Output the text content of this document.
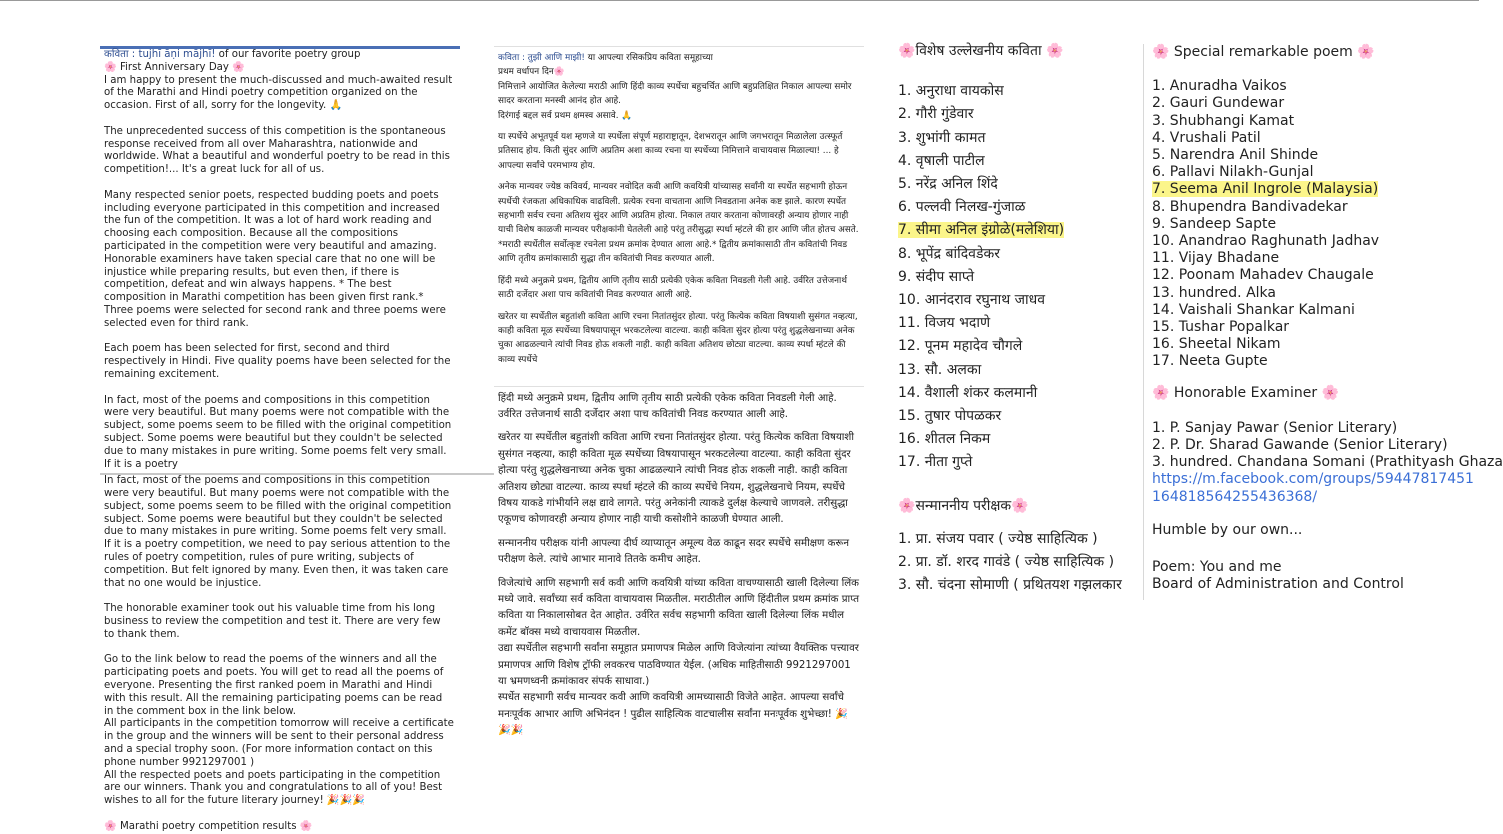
कविता : tujhī āṇi mājhī! of our favorite poetry group
🌸 First Anniversary Day 🌸

I am happy to present the much-discussed and much-awaited result of the Marathi and Hindi poetry competition organized on the occasion. First of all, sorry for the longevity. 🙏

The unprecedented success of this competition is the spontaneous response received from all over Maharashtra, nationwide and worldwide. What a beautiful and wonderful poetry to be read in this competition!... It's a great luck for all of us.

Many respected senior poets, respected budding poets and poets including everyone participated in this competition and increased the fun of the competition. It was a lot of hard work reading and choosing each composition. Because all the compositions participated in the competition were very beautiful and amazing. Honorable examiners have taken special care that no one will be injustice while preparing results, but even then, if there is competition, defeat and win always happens. * The best composition in Marathi competition has been given first rank.* Three poems were selected for second rank and three poems were selected even for third rank.

Each poem has been selected for first, second and third respectively in Hindi. Five quality poems have been selected for the remaining excitement.

In fact, most of the poems and compositions in this competition were very beautiful. But many poems were not compatible with the subject, some poems seem to be filled with the original competition subject. Some poems were beautiful but they couldn't be selected due to many mistakes in pure writing. Some poems felt very small. If it is a poetry

In fact, most of the poems and compositions in this competition were very beautiful. But many poems were not compatible with the subject, some poems seem to be filled with the original competition subject. Some poems were beautiful but they couldn't be selected due to many mistakes in pure writing. Some poems felt very small. If it is a poetry competition, we need to pay serious attention to the rules of poetry competition, rules of pure writing, subjects of competition. But felt ignored by many. Even then, it was taken care that no one would be injustice.

The honorable examiner took out his valuable time from his long business to review the competition and test it. There are very few to thank them.

Go to the link below to read the poems of the winners and all the participating poets and poets. You will get to read all the poems of everyone. Presenting the first ranked poem in Marathi and Hindi with this result. All the remaining participating poems can be read in the comment box in the link below.
All participants in the competition tomorrow will receive a certificate in the group and the winners will be sent to their personal address and a special trophy soon. (For more information contact on this phone number 9921297001 )

All the respected poets and poets participating in the competition are our winners. Thank you and congratulations to all of you! Best wishes to all for the future literary journey! 🎉🎉🎉

🌸 Marathi poetry competition results 🌸
कविता : तुझी आणि माझी! या आपल्या रसिकप्रिय कविता समूहाच्या
प्रथम वर्धापन दिन🌸
निमित्ताने आयोजित केलेल्या मराठी आणि हिंदी काव्य स्पर्धेचा बहुचर्चित आणि बहुप्रतिक्षित निकाल आपल्या समोर सादर करताना मनस्वी आनंद होत आहे.

दिरंगाई बद्दल सर्व प्रथम क्षमस्व असावे. 🙏

या स्पर्धेचे अभूतपूर्व यश म्हणजे या स्पर्धेला संपूर्ण महाराष्ट्रातून, देशभरातून आणि जगभरातून मिळालेला उत्स्फूर्त प्रतिसाद होय. किती सुंदर आणि अप्रतिम अशा काव्य रचना या स्पर्धेच्या निमित्ताने वाचायवास मिळाल्या! ... हे आपल्या सर्वांचे परमभाग्य होय.

अनेक मान्यवर ज्येष्ठ कविवर्य, मान्यवर नवोदित कवी आणि कवयित्री यांच्यासह सर्वांनी या स्पर्धेत सहभागी होऊन स्पर्धेची रंजकता अधिकाधिक वाढविली. प्रत्येक रचना वाचताना आणि निवडताना अनेक कष्ट झाले. कारण स्पर्धेत सहभागी सर्वच रचना अतिशय सुंदर आणि अप्रतिम होत्या. निकाल तयार करताना कोणावरही अन्याय होणार नाही याची विशेष काळजी मान्यवर परीक्षकांनी घेतलेली आहे परंतु तरीसुद्धा स्पर्धा म्हंटले की हार आणि जीत होतच असते. *मराठी स्पर्धेतील सर्वोत्कृष्ट रचनेला प्रथम क्रमांक देण्यात आला आहे.* द्वितीय क्रमांकासाठी तीन कवितांची निवड आणि तृतीय क्रमांकासाठी सुद्धा तीन कवितांची निवड करण्यात आली.

हिंदी मध्ये अनुक्रमे प्रथम, द्वितीय आणि तृतीय साठी प्रत्येकी एकेक कविता निवडली गेली आहे. उर्वरित उत्तेजनार्थ साठी दर्जेदार अशा पाच कवितांची निवड करण्यात आली आहे.

खरेतर या स्पर्धेतील बहुतांशी कविता आणि रचना नितांतसुंदर होत्या. परंतु कित्येक कविता विषयाशी सुसंगत नव्हत्या, काही कविता मूळ स्पर्धेच्या विषयापासून भरकटलेल्या वाटल्या. काही कविता सुंदर होत्या परंतु शुद्धलेखनाच्या अनेक चुका आढळल्याने त्यांची निवड होऊ शकली नाही. काही कविता अतिशय छोट्या वाटल्या. काव्य स्पर्धा म्हंटले की काव्य स्पर्धेचे

हिंदी मध्ये अनुक्रमे प्रथम, द्वितीय आणि तृतीय साठी प्रत्येकी एकेक कविता निवडली गेली आहे. उर्वरित उत्तेजनार्थ साठी दर्जेदार अशा पाच कवितांची निवड करण्यात आली आहे.

खरेतर या स्पर्धेतील बहुतांशी कविता आणि रचना नितांतसुंदर होत्या. परंतु कित्येक कविता विषयाशी सुसंगत नव्हत्या, काही कविता मूळ स्पर्धेच्या विषयापासून भरकटलेल्या वाटल्या. काही कविता सुंदर होत्या परंतु शुद्धलेखनाच्या अनेक चुका आढळल्याने त्यांची निवड होऊ शकली नाही. काही कविता अतिशय छोट्या वाटल्या. काव्य स्पर्धा म्हंटले की काव्य स्पर्धेचे नियम, शुद्धलेखनाचे नियम, स्पर्धेचे विषय याकडे गांभीर्याने लक्ष द्यावे लागते. परंतु अनेकांनी त्याकडे दुर्लक्ष केल्याचे जाणवले. तरीसुद्धा एकूणच कोणावरही अन्याय होणार नाही याची कसोशीने काळजी घेण्यात आली.

सन्माननीय परीक्षक यांनी आपल्या दीर्घ व्याप्यातून अमूल्य वेळ काढून सदर स्पर्धेचे समीक्षण करून परीक्षण केले. त्यांचे आभार मानावे तितके कमीच आहेत.

विजेत्यांचे आणि सहभागी सर्व कवी आणि कवयित्री यांच्या कविता वाचण्यासाठी खाली दिलेल्या लिंक मध्ये जावे. सर्वांच्या सर्व कविता वाचायवास मिळतील. मराठीतील आणि हिंदीतील प्रथम क्रमांक प्राप्त कविता या निकालासोबत देत आहोत. उर्वरित सर्वच सहभागी कविता खाली दिलेल्या लिंक मधील कमेंट बॉक्स मध्ये वाचायवास मिळतील.
उद्या स्पर्धेतील सहभागी सर्वांना समूहात प्रमाणपत्र मिळेल आणि विजेत्यांना त्यांच्या वैयक्तिक पत्त्यावर प्रमाणपत्र आणि विशेष ट्रॉफी लवकरच पाठविण्यात येईल. (अधिक माहितीसाठी 9921297001 या भ्रमणध्वनी क्रमांकावर संपर्क साधावा.)
स्पर्धेत सहभागी सर्वच मान्यवर कवी आणि कवयित्री आमच्यासाठी विजेते आहेत. आपल्या सर्वांचे मनःपूर्वक आभार आणि अभिनंदन ! पुढील साहित्यिक वाटचालीस सर्वांना मनःपूर्वक शुभेच्छा! 🎉🎉🎉
🌸विशेष उल्लेखनीय कविता 🌸
1. अनुराधा वायकोस
2. गौरी गुंडेवार
3. शुभांगी कामत
4. वृषाली पाटील
5. नरेंद्र अनिल शिंदे
6. पल्लवी निलख-गुंजाळ
7. सीमा अनिल इंग्रोळे(मलेशिया)
8. भूपेंद्र बांदिवडेकर
9. संदीप साप्ते
10. आनंदराव रघुनाथ जाधव
11. विजय भदाणे
12. पूनम महादेव चौगले
13. सौ. अलका
14. वैशाली शंकर कलमानी
15. तुषार पोपळकर
16. शीतल निकम
17. नीता गुप्ते
🌸सन्माननीय परीक्षक🌸
1. प्रा. संजय पवार ( ज्येष्ठ साहित्यिक )
2. प्रा. डॉ. शरद गावंडे ( ज्येष्ठ साहित्यिक )
3. सौ. चंदना सोमाणी ( प्रथितयश गझलकार
🌸 Special remarkable poem 🌸
1. Anuradha Vaikos
2. Gauri Gundewar
3. Shubhangi Kamat
4. Vrushali Patil
5. Narendra Anil Shinde
6. Pallavi Nilakh-Gunjal
7. Seema Anil Ingrole (Malaysia)
8. Bhupendra Bandivadekar
9. Sandeep Sapte
10. Anandrao Raghunath Jadhav
11. Vijay Bhadane
12. Poonam Mahadev Chaugale
13. hundred. Alka
14. Vaishali Shankar Kalmani
15. Tushar Popalkar
16. Sheetal Nikam
17. Neeta Gupte
🌸 Honorable Examiner 🌸
1. P. Sanjay Pawar (Senior Literary)
2. P. Dr. Sharad Gawande (Senior Literary)
3. hundred. Chandana Somani (Prathityash Ghaza
https://m.facebook.com/groups/594478174511648185642554363​68/
Humble by our own...
Poem: You and me
Board of Administration and Control
